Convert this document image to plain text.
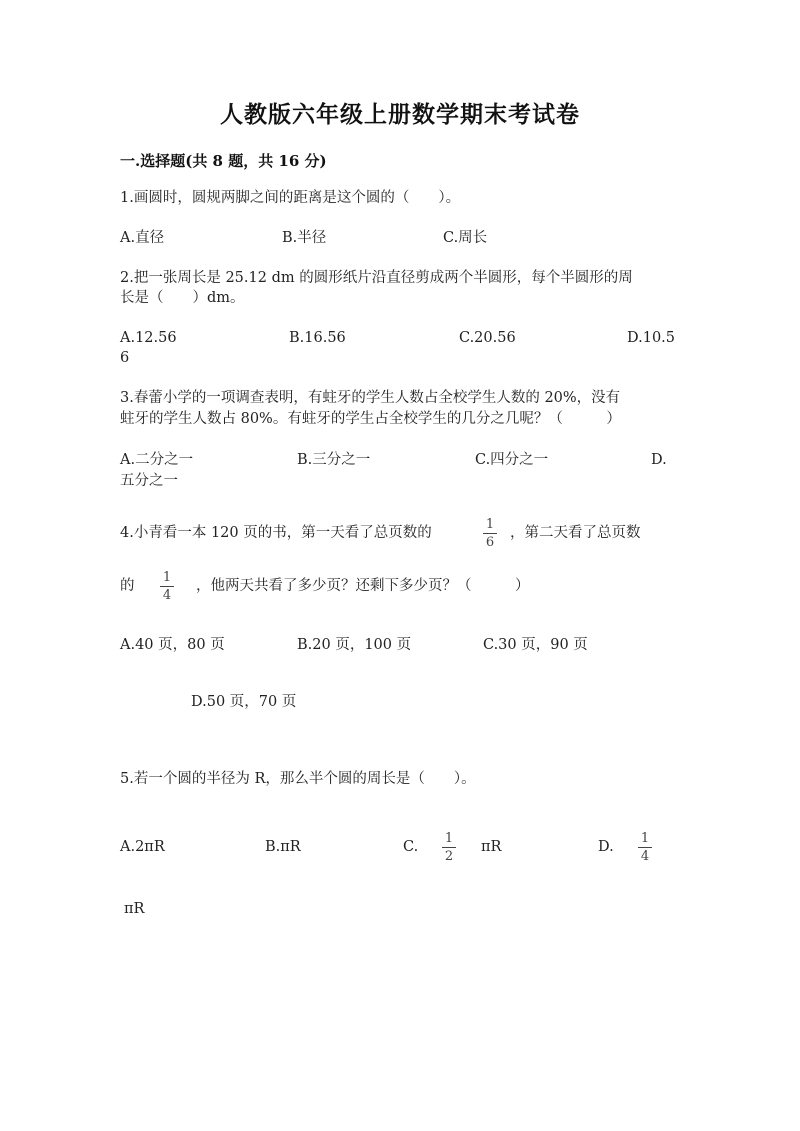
人教版六年级上册数学期末考试卷
一.选择题(共 8 题，共 16 分)
1.画圆时，圆规两脚之间的距离是这个圆的（　　）。
A.直径	B.半径	C.周长
2.把一张周长是 25.12 dm 的圆形纸片沿直径剪成两个半圆形，每个半圆形的周
长是（　　）dm。
A.12.56	B.16.56	C.20.56	D.10.5
6
3.春蕾小学的一项调查表明，有蛀牙的学生人数占全校学生人数的 20%，没有
蛀牙的学生人数占 80%。有蛀牙的学生占全校学生的几分之几呢？（　　　）
A.二分之一	B.三分之一	C.四分之一	D.
五分之一
4.小青看一本 120 页的书，第一天看了总页数的
1
6
，第二天看了总页数
的
1
4
，他两天共看了多少页？还剩下多少页？（　　　）
A.40 页，80 页	B.20 页，100 页	C.30 页，90 页
D.50 页，70 页
5.若一个圆的半径为 R，那么半个圆的周长是（　　）。
A.2πR	B.πR	C.
1
2
πR	D.
1
4
πR
